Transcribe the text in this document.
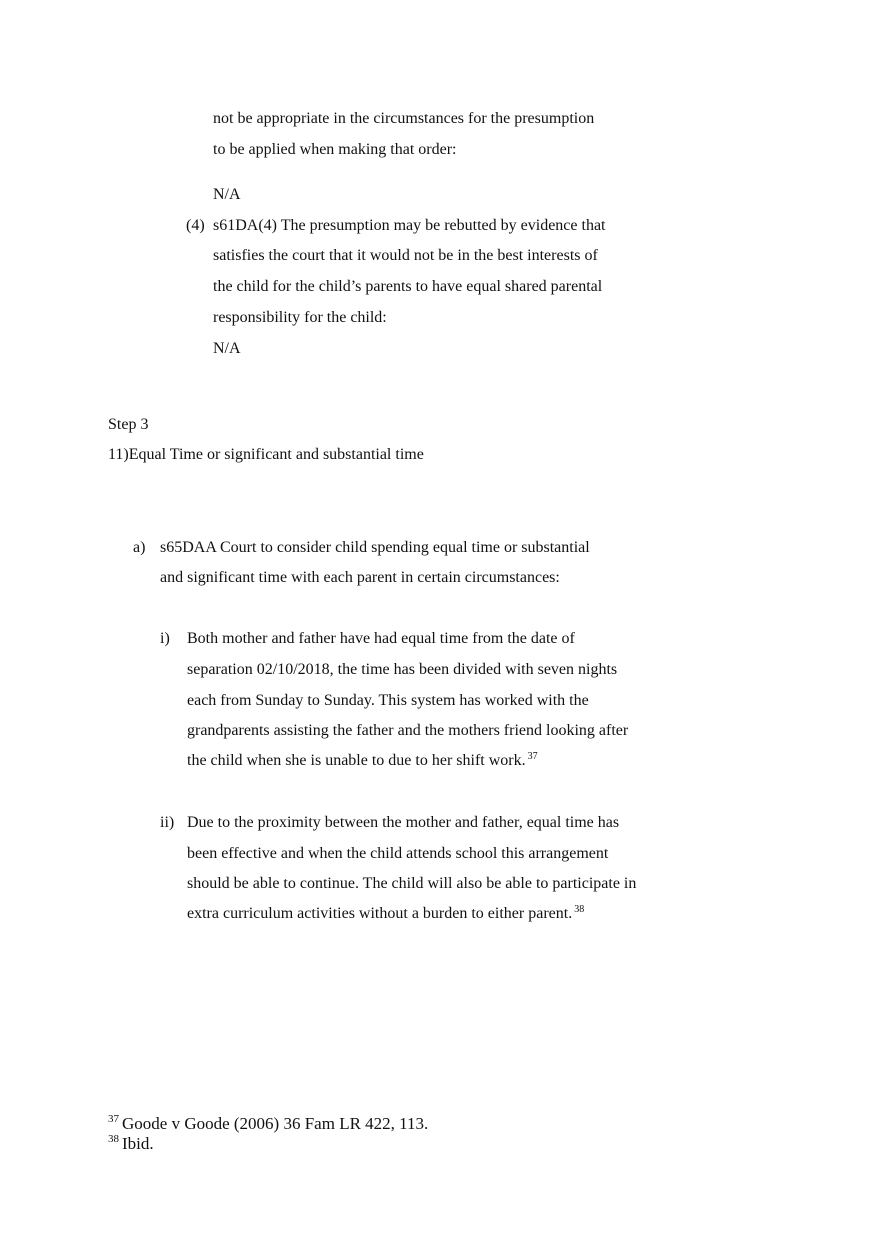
not be appropriate in the circumstances for the presumption
to be applied when making that order:
N/A
(4) s61DA(4) The presumption may be rebutted by evidence that
satisfies the court that it would not be in the best interests of
the child for the child’s parents to have equal shared parental
responsibility for the child:
N/A
Step 3
11)Equal Time or significant and substantial time
a) s65DAA Court to consider child spending equal time or substantial
and significant time with each parent in certain circumstances:
i) Both mother and father have had equal time from the date of
separation 02/10/2018, the time has been divided with seven nights
each from Sunday to Sunday. This system has worked with the
grandparents assisting the father and the mothers friend looking after
the child when she is unable to due to her shift work. $^{37}$
ii) Due to the proximity between the mother and father, equal time has
been effective and when the child attends school this arrangement
should be able to continue. The child will also be able to participate in
extra curriculum activities without a burden to either parent. $^{38}$
$^{37}$ Goode v Goode (2006) 36 Fam LR 422, 113.
$^{38}$ Ibid.
